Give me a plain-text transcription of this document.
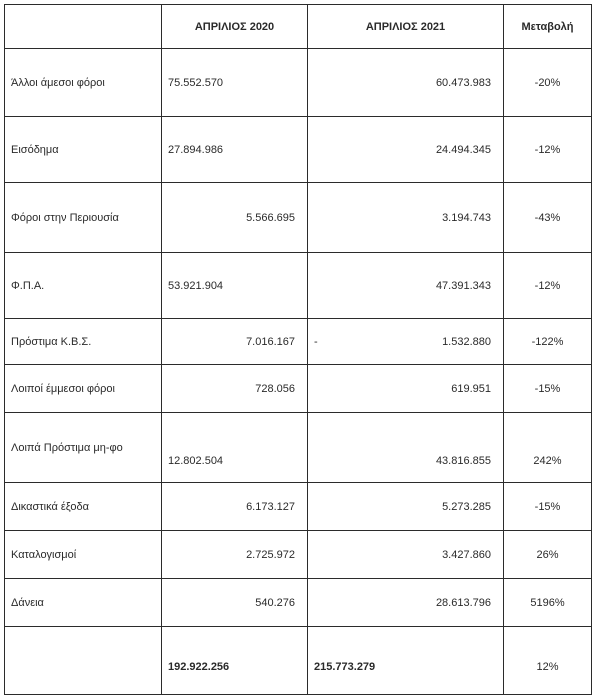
	ΑΠΡΙΛΙΟΣ 2020	ΑΠΡΙΛΙΟΣ 2021	Μεταβολή
Άλλοι άμεσοι φόροι	75.552.570	60.473.983	-20%
Εισόδημα	27.894.986	24.494.345	-12%
Φόροι στην Περιουσία	5.566.695	3.194.743	-43%
Φ.Π.Α.	53.921.904	47.391.343	-12%
Πρόστιμα Κ.Β.Σ.	7.016.167	- 1.532.880	-122%
Λοιποί έμμεσοι φόροι	728.056	619.951	-15%
Λοιπά Πρόστιμα μη-φο	12.802.504	43.816.855	242%
Δικαστικά έξοδα	6.173.127	5.273.285	-15%
Καταλογισμοί	2.725.972	3.427.860	26%
Δάνεια	540.276	28.613.796	5196%
	192.922.256	215.773.279	12%
